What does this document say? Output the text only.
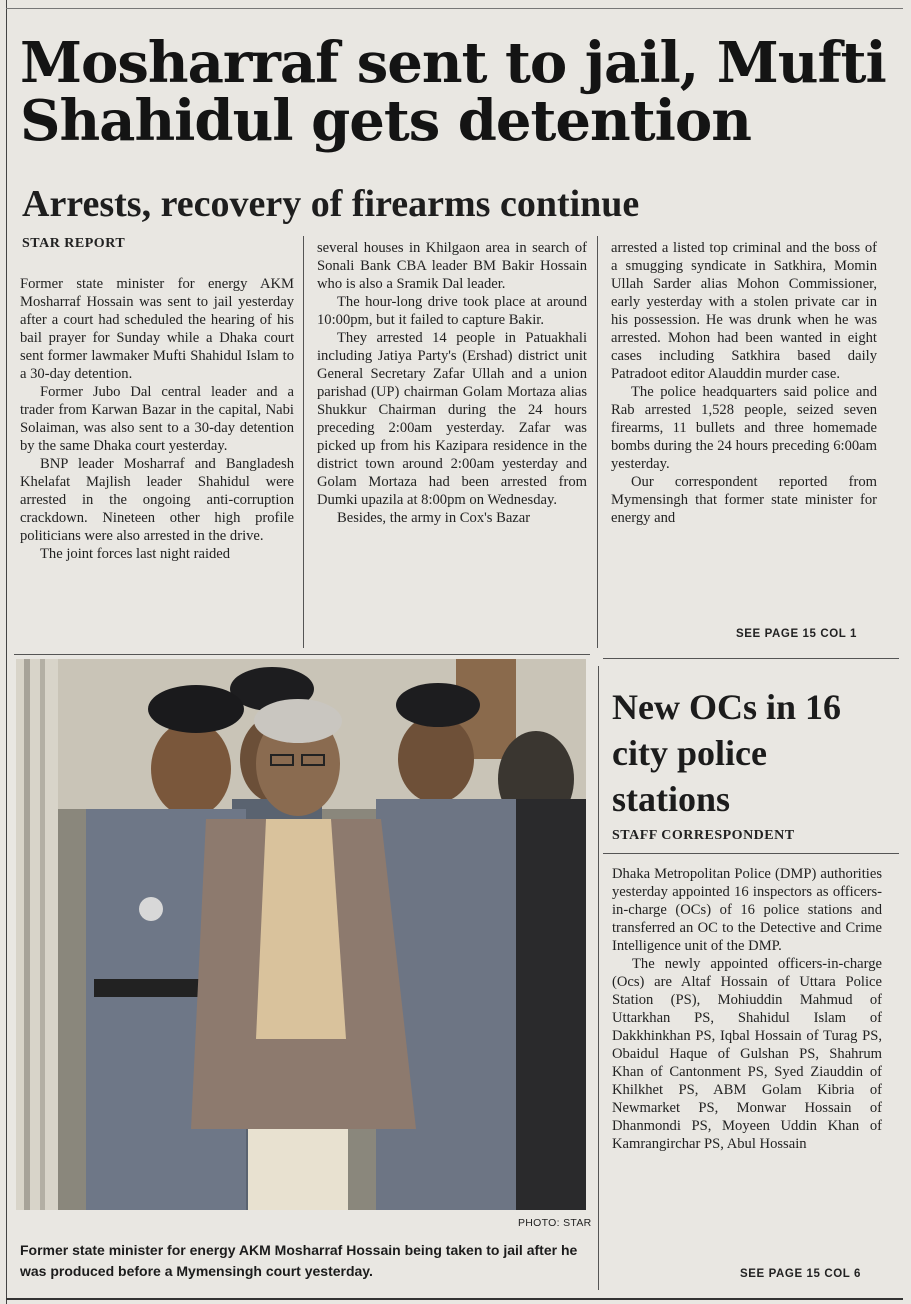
Mosharraf sent to jail, Mufti Shahidul gets detention
Arrests, recovery of firearms continue
STAR REPORT

Former state minister for energy AKM Mosharraf Hossain was sent to jail yesterday after a court had scheduled the hearing of his bail prayer for Sunday while a Dhaka court sent former lawmaker Mufti Shahidul Islam to a 30-day detention.

Former Jubo Dal central leader and a trader from Karwan Bazar in the capital, Nabi Solaiman, was also sent to a 30-day detention by the same Dhaka court yesterday.

BNP leader Mosharraf and Bangladesh Khelafat Majlish leader Shahidul were arrested in the ongoing anti-corruption crackdown. Nineteen other high profile politicians were also arrested in the drive.

The joint forces last night raided

several houses in Khilgaon area in search of Sonali Bank CBA leader BM Bakir Hossain who is also a Sramik Dal leader.

The hour-long drive took place at around 10:00pm, but it failed to capture Bakir.

They arrested 14 people in Patuakhali including Jatiya Party's (Ershad) district unit General Secretary Zafar Ullah and a union parishad (UP) chairman Golam Mortaza alias Shukkur Chairman during the 24 hours preceding 2:00am yesterday. Zafar was picked up from his Kazipara residence in the district town around 2:00am yesterday and Golam Mortaza had been arrested from Dumki upazila at 8:00pm on Wednesday.

Besides, the army in Cox's Bazar

arrested a listed top criminal and the boss of a smugging syndicate in Satkhira, Momin Ullah Sarder alias Mohon Commissioner, early yesterday with a stolen private car in his possession. He was drunk when he was arrested. Mohon had been wanted in eight cases including Satkhira based daily Patradoot editor Alauddin murder case.

The police headquarters said police and Rab arrested 1,528 people, seized seven firearms, 11 bullets and three homemade bombs during the 24 hours preceding 6:00am yesterday.

Our correspondent reported from Mymensingh that former state minister for energy and

SEE PAGE 15 COL 1
PHOTO: STAR
Former state minister for energy AKM Mosharraf Hossain being taken to jail after he was produced before a Mymensingh court yesterday.
New OCs in 16 city police stations
STAFF CORRESPONDENT

Dhaka Metropolitan Police (DMP) authorities yesterday appointed 16 inspectors as officers-in-charge (OCs) of 16 police stations and transferred an OC to the Detective and Crime Intelligence unit of the DMP.

The newly appointed officers-in-charge (Ocs) are Altaf Hossain of Uttara Police Station (PS), Mohiuddin Mahmud of Uttarkhan PS, Shahidul Islam of Dakkhinkhan PS, Iqbal Hossain of Turag PS, Obaidul Haque of Gulshan PS, Shahrum Khan of Cantonment PS, Syed Ziauddin of Khilkhet PS, ABM Golam Kibria of Newmarket PS, Monwar Hossain of Dhanmondi PS, Moyeen Uddin Khan of Kamrangirchar PS, Abul Hossain

SEE PAGE 15 COL 6
